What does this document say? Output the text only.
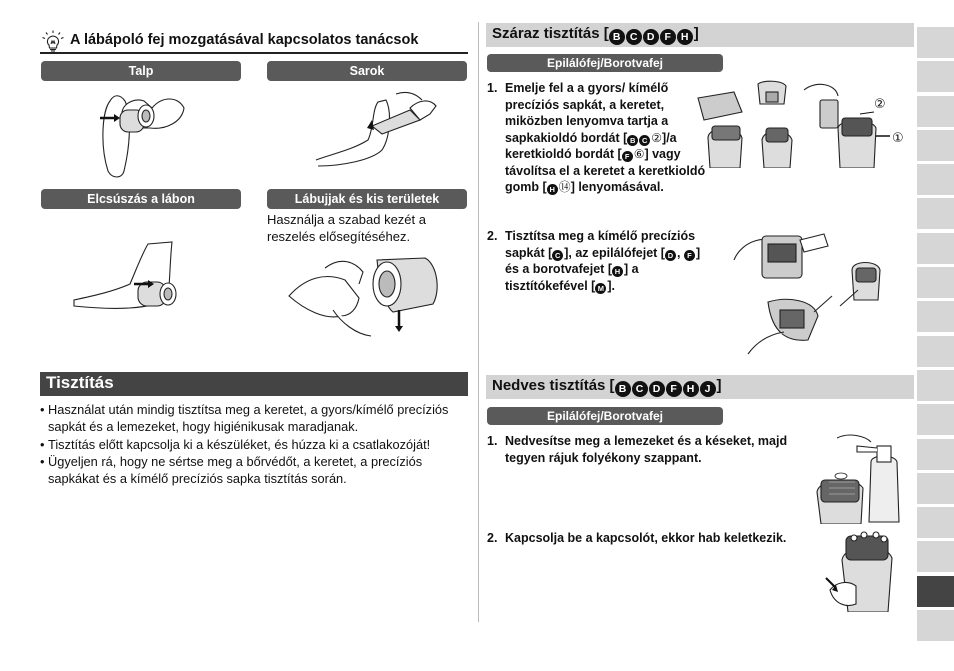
A lábápoló fej mozgatásával kapcsolatos tanácsok
Talp	Sarok
Elcsúszás a lábon	Lábujjak és kis területek
Használja a szabad kezét a reszelés elősegítéséhez.
Tisztítás
• Használat után mindig tisztítsa meg a keretet, a gyors/kímélő precíziós sapkát és a lemezeket, hogy higiénikusak maradjanak.
• Tisztítás előtt kapcsolja ki a készüléket, és húzza ki a csatlakozóját!
• Ügyeljen rá, hogy ne sértse meg a bőrvédőt, a keretet, a precíziós sapkákat és a kímélő precíziós sapka tisztítás során.
Száraz tisztítás [ B C D F H ]
Epilálófej/Borotvafej
1. Emelje fel a a gyors/ kímélő precíziós sapkát, a keretet, miközben lenyomva tartja a sapkakioldó bordát [ B C ②]/a keretkioldó bordát [ F ⑥] vagy távolítsa el a keretet a keretkioldó gomb [ H ⑭] lenyomásával.
2. Tisztítsa meg a kímélő precíziós sapkát [ C ], az epilálófejet [ D , F ] és a borotvafejet [ H ] a tisztítókefével [ M ].
②
①
Nedves tisztítás [ B C D F H J ]
Epilálófej/Borotvafej
1. Nedvesítse meg a lemezeket és a késeket, majd tegyen rájuk folyékony szappant.
2. Kapcsolja be a kapcsolót, ekkor hab keletkezik.
